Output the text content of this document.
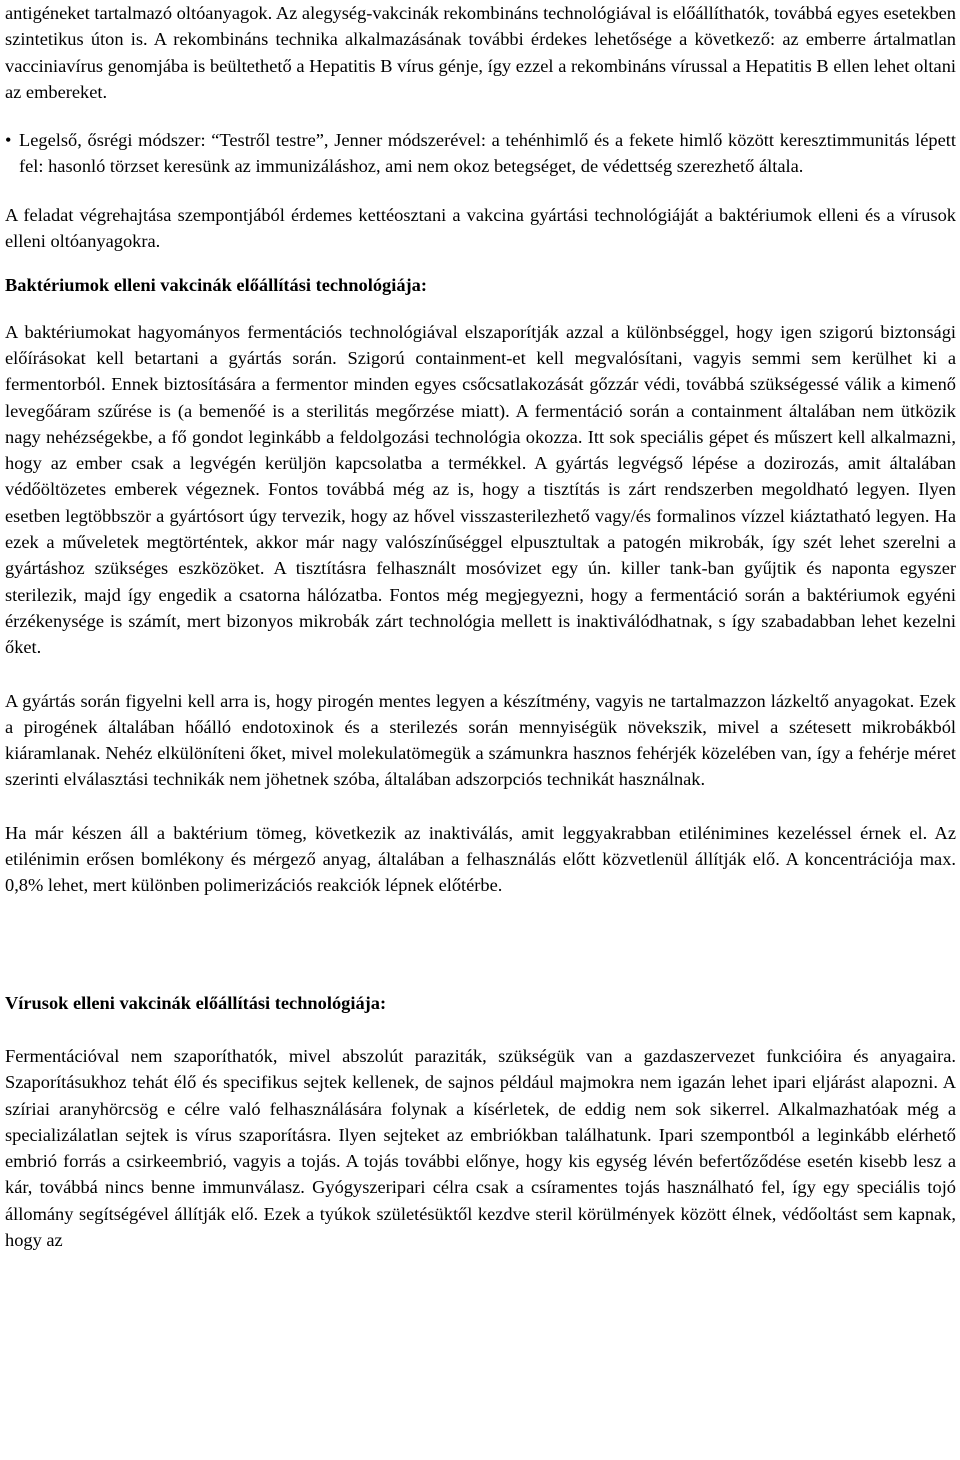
antigéneket tartalmazó oltóanyagok. Az alegység-vakcinák rekombináns technológiával is előállíthatók, továbbá egyes esetekben szintetikus úton is. A rekombináns technika alkalmazásának további érdekes lehetősége a következő: az emberre ártalmatlan vacciniavírus genomjába is beültethető a Hepatitis B vírus génje, így ezzel a rekombináns vírussal a Hepatitis B ellen lehet oltani az embereket.

• Legelső, ősrégi módszer: “Testről testre”, Jenner módszerével: a tehénhimlő és a fekete himlő között keresztimmunitás lépett fel: hasonló törzset keresünk az immunizáláshoz, ami nem okoz betegséget, de védettség szerezhető általa.

A feladat végrehajtása szempontjából érdemes kettéosztani a vakcina gyártási technológiáját a baktériumok elleni és a vírusok elleni oltóanyagokra.

Baktériumok elleni vakcinák előállítási technológiája:

A baktériumokat hagyományos fermentációs technológiával elszaporítják azzal a különbséggel, hogy igen szigorú biztonsági előírásokat kell betartani a gyártás során. Szigorú containment-et kell megvalósítani, vagyis semmi sem kerülhet ki a fermentorból. Ennek biztosítására a fermentor minden egyes csőcsatlakozását gőzzár védi, továbbá szükségessé válik a kimenő levegőáram szűrése is (a bemenőé is a sterilitás megőrzése miatt). A fermentáció során a containment általában nem ütközik nagy nehézségekbe, a fő gondot leginkább a feldolgozási technológia okozza. Itt sok speciális gépet és műszert kell alkalmazni, hogy az ember csak a legvégén kerüljön kapcsolatba a termékkel. A gyártás legvégső lépése a dozirozás, amit általában védőöltözetes emberek végeznek. Fontos továbbá még az is, hogy a tisztítás is zárt rendszerben megoldható legyen. Ilyen esetben legtöbbször a gyártósort úgy tervezik, hogy az hővel visszasterilezhető vagy/és formalinos vízzel kiáztatható legyen. Ha ezek a műveletek megtörténtek, akkor már nagy valószínűséggel elpusztultak a patogén mikrobák, így szét lehet szerelni a gyártáshoz szükséges eszközöket. A tisztításra felhasznált mosóvizet egy ún. killer tank-ban gyűjtik és naponta egyszer sterilezik, majd így engedik a csatorna hálózatba. Fontos még megjegyezni, hogy a fermentáció során a baktériumok egyéni érzékenysége is számít, mert bizonyos mikrobák zárt technológia mellett is inaktiválódhatnak, s így szabadabban lehet kezelni őket.

A gyártás során figyelni kell arra is, hogy pirogén mentes legyen a készítmény, vagyis ne tartalmazzon lázkeltő anyagokat. Ezek a pirogének általában hőálló endotoxinok és a sterilezés során mennyiségük növekszik, mivel a szétesett mikrobákból kiáramlanak. Nehéz elkülöníteni őket, mivel molekulatömegük a számunkra hasznos fehérjék közelében van, így a fehérje méret szerinti elválasztási technikák nem jöhetnek szóba, általában adszorpciós technikát használnak.

Ha már készen áll a baktérium tömeg, következik az inaktiválás, amit leggyakrabban etilénimines kezeléssel érnek el. Az etilénimin erősen bomlékony és mérgező anyag, általában a felhasználás előtt közvetlenül állítják elő. A koncentrációja max. 0,8% lehet, mert különben polimerizációs reakciók lépnek előtérbe.

Vírusok elleni vakcinák előállítási technológiája:

Fermentációval nem szaporíthatók, mivel abszolút paraziták, szükségük van a gazdaszervezet funkcióira és anyagaira. Szaporításukhoz tehát élő és specifikus sejtek kellenek, de sajnos például majmokra nem igazán lehet ipari eljárást alapozni. A szíriai aranyhörcsög e célre való felhasználására folynak a kísérletek, de eddig nem sok sikerrel. Alkalmazhatóak még a specializálatlan sejtek is vírus szaporításra. Ilyen sejteket az embriókban találhatunk. Ipari szempontból a leginkább elérhető embrió forrás a csirkeembrió, vagyis a tojás. A tojás további előnye, hogy kis egység lévén befertőződése esetén kisebb lesz a kár, továbbá nincs benne immunválasz. Gyógyszeripari célra csak a csíramentes tojás használható fel, így egy speciális tojó állomány segítségével állítják elő. Ezek a tyúkok születésüktől kezdve steril körülmények között élnek, védőoltást sem kapnak, hogy az
